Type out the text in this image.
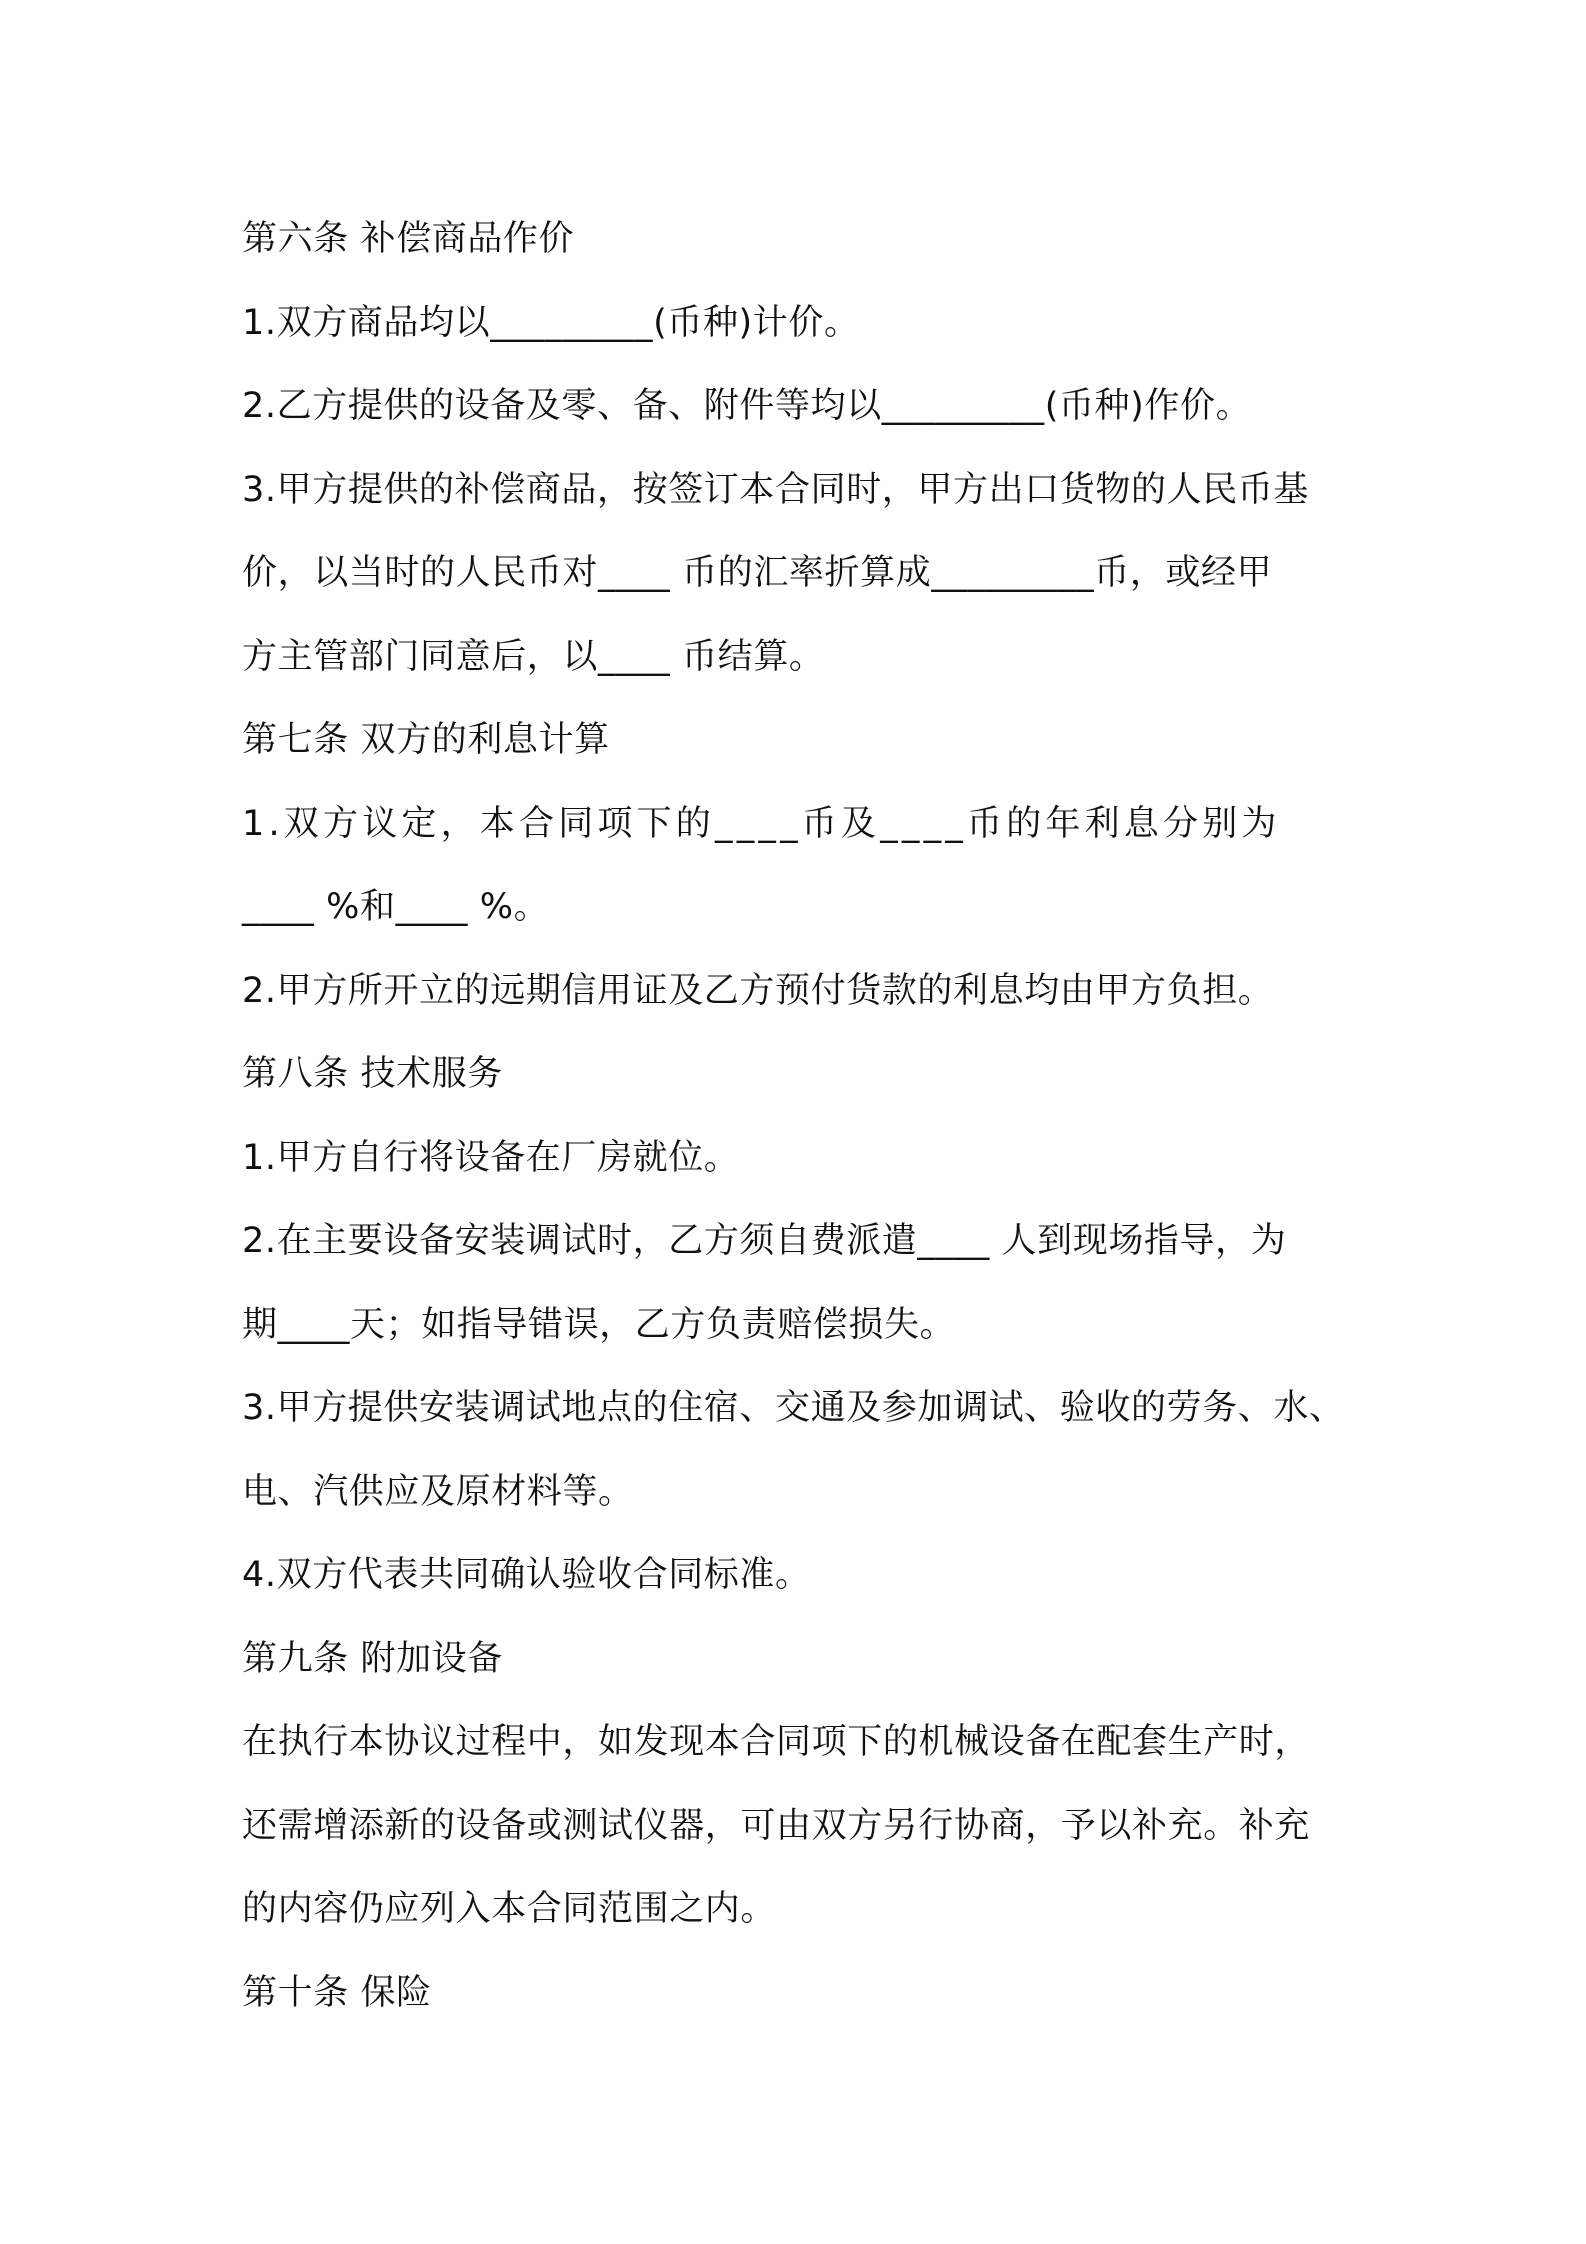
第六条 补偿商品作价
1.双方商品均以_________(币种)计价。
2.乙方提供的设备及零、备、附件等均以_________(币种)作价。
3.甲方提供的补偿商品，按签订本合同时，甲方出口货物的人民币基
价，以当时的人民币对____ 币的汇率折算成_________币，或经甲
方主管部门同意后，以____ 币结算。
第七条 双方的利息计算
1.双方议定，本合同项下的____币及____币的年利息分别为
____ %和____ %。
2.甲方所开立的远期信用证及乙方预付货款的利息均由甲方负担。
第八条 技术服务
1.甲方自行将设备在厂房就位。
2.在主要设备安装调试时，乙方须自费派遣____ 人到现场指导，为
期____天；如指导错误，乙方负责赔偿损失。
3.甲方提供安装调试地点的住宿、交通及参加调试、验收的劳务、水、
电、汽供应及原材料等。
4.双方代表共同确认验收合同标准。
第九条 附加设备
在执行本协议过程中，如发现本合同项下的机械设备在配套生产时，
还需增添新的设备或测试仪器，可由双方另行协商，予以补充。补充
的内容仍应列入本合同范围之内。
第十条 保险
